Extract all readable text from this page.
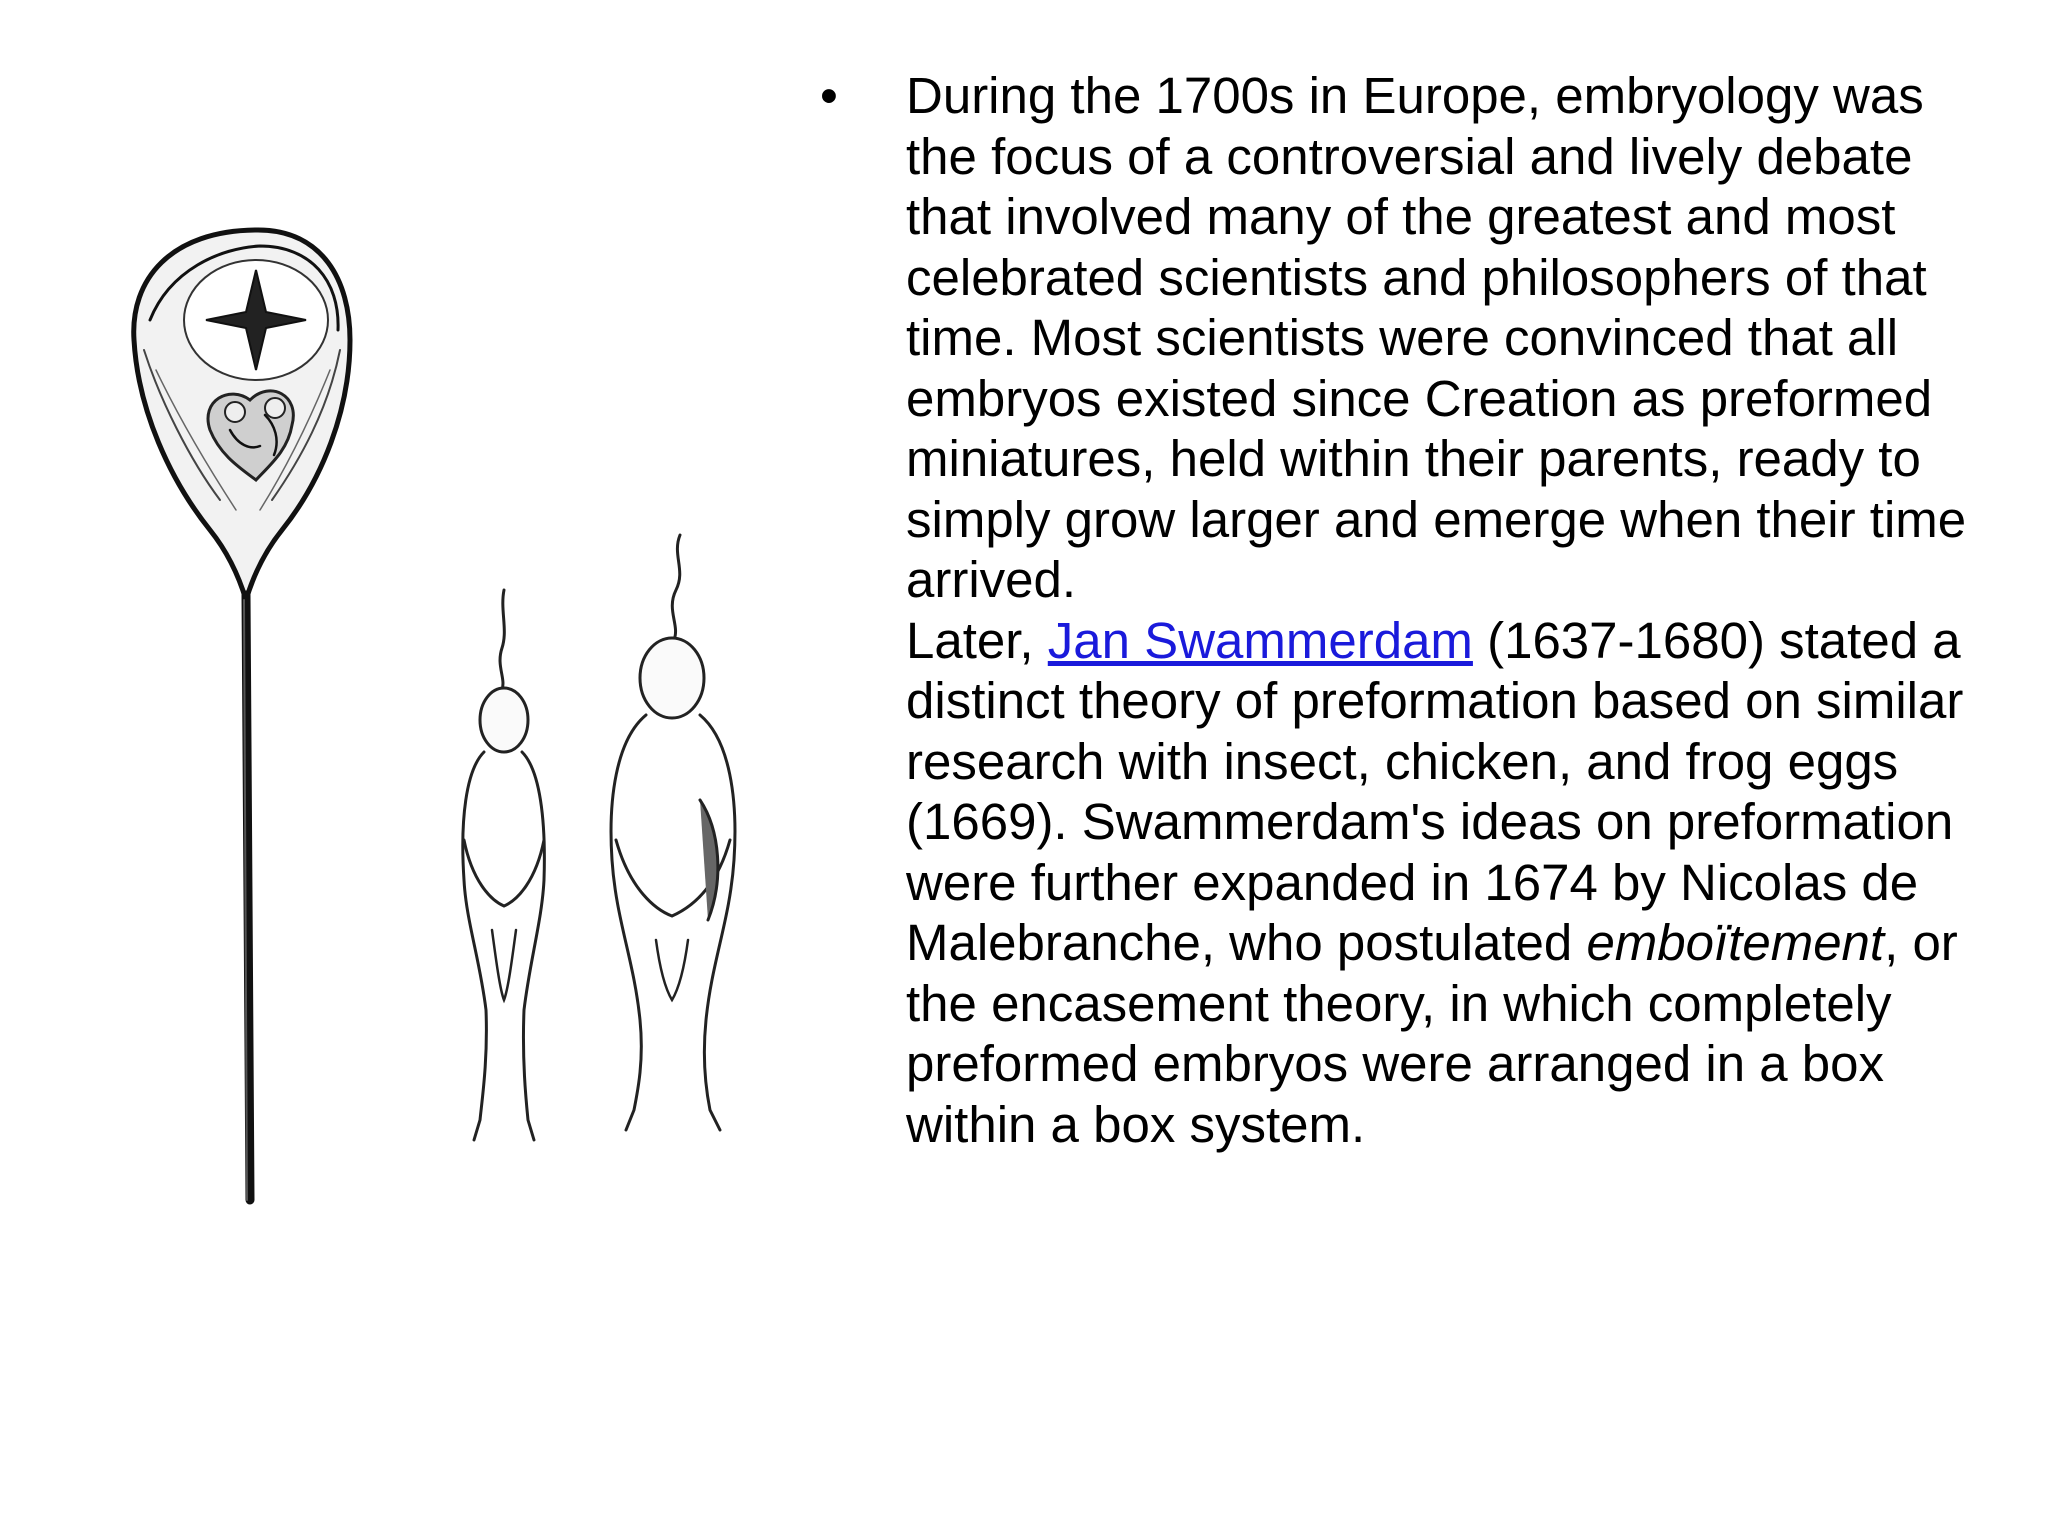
• During the 1700s in Europe, embryology was the focus of a controversial and lively debate that involved many of the greatest and most celebrated scientists and philosophers of that time. Most scientists were convinced that all embryos existed since Creation as preformed miniatures, held within their parents, ready to simply grow larger and emerge when their time arrived.
Later, Jan Swammerdam (1637-1680) stated a distinct theory of preformation based on similar research with insect, chicken, and frog eggs (1669). Swammerdam's ideas on preformation were further expanded in 1674 by Nicolas de Malebranche, who postulated emboïtement, or the encasement theory, in which completely preformed embryos were arranged in a box within a box system.
